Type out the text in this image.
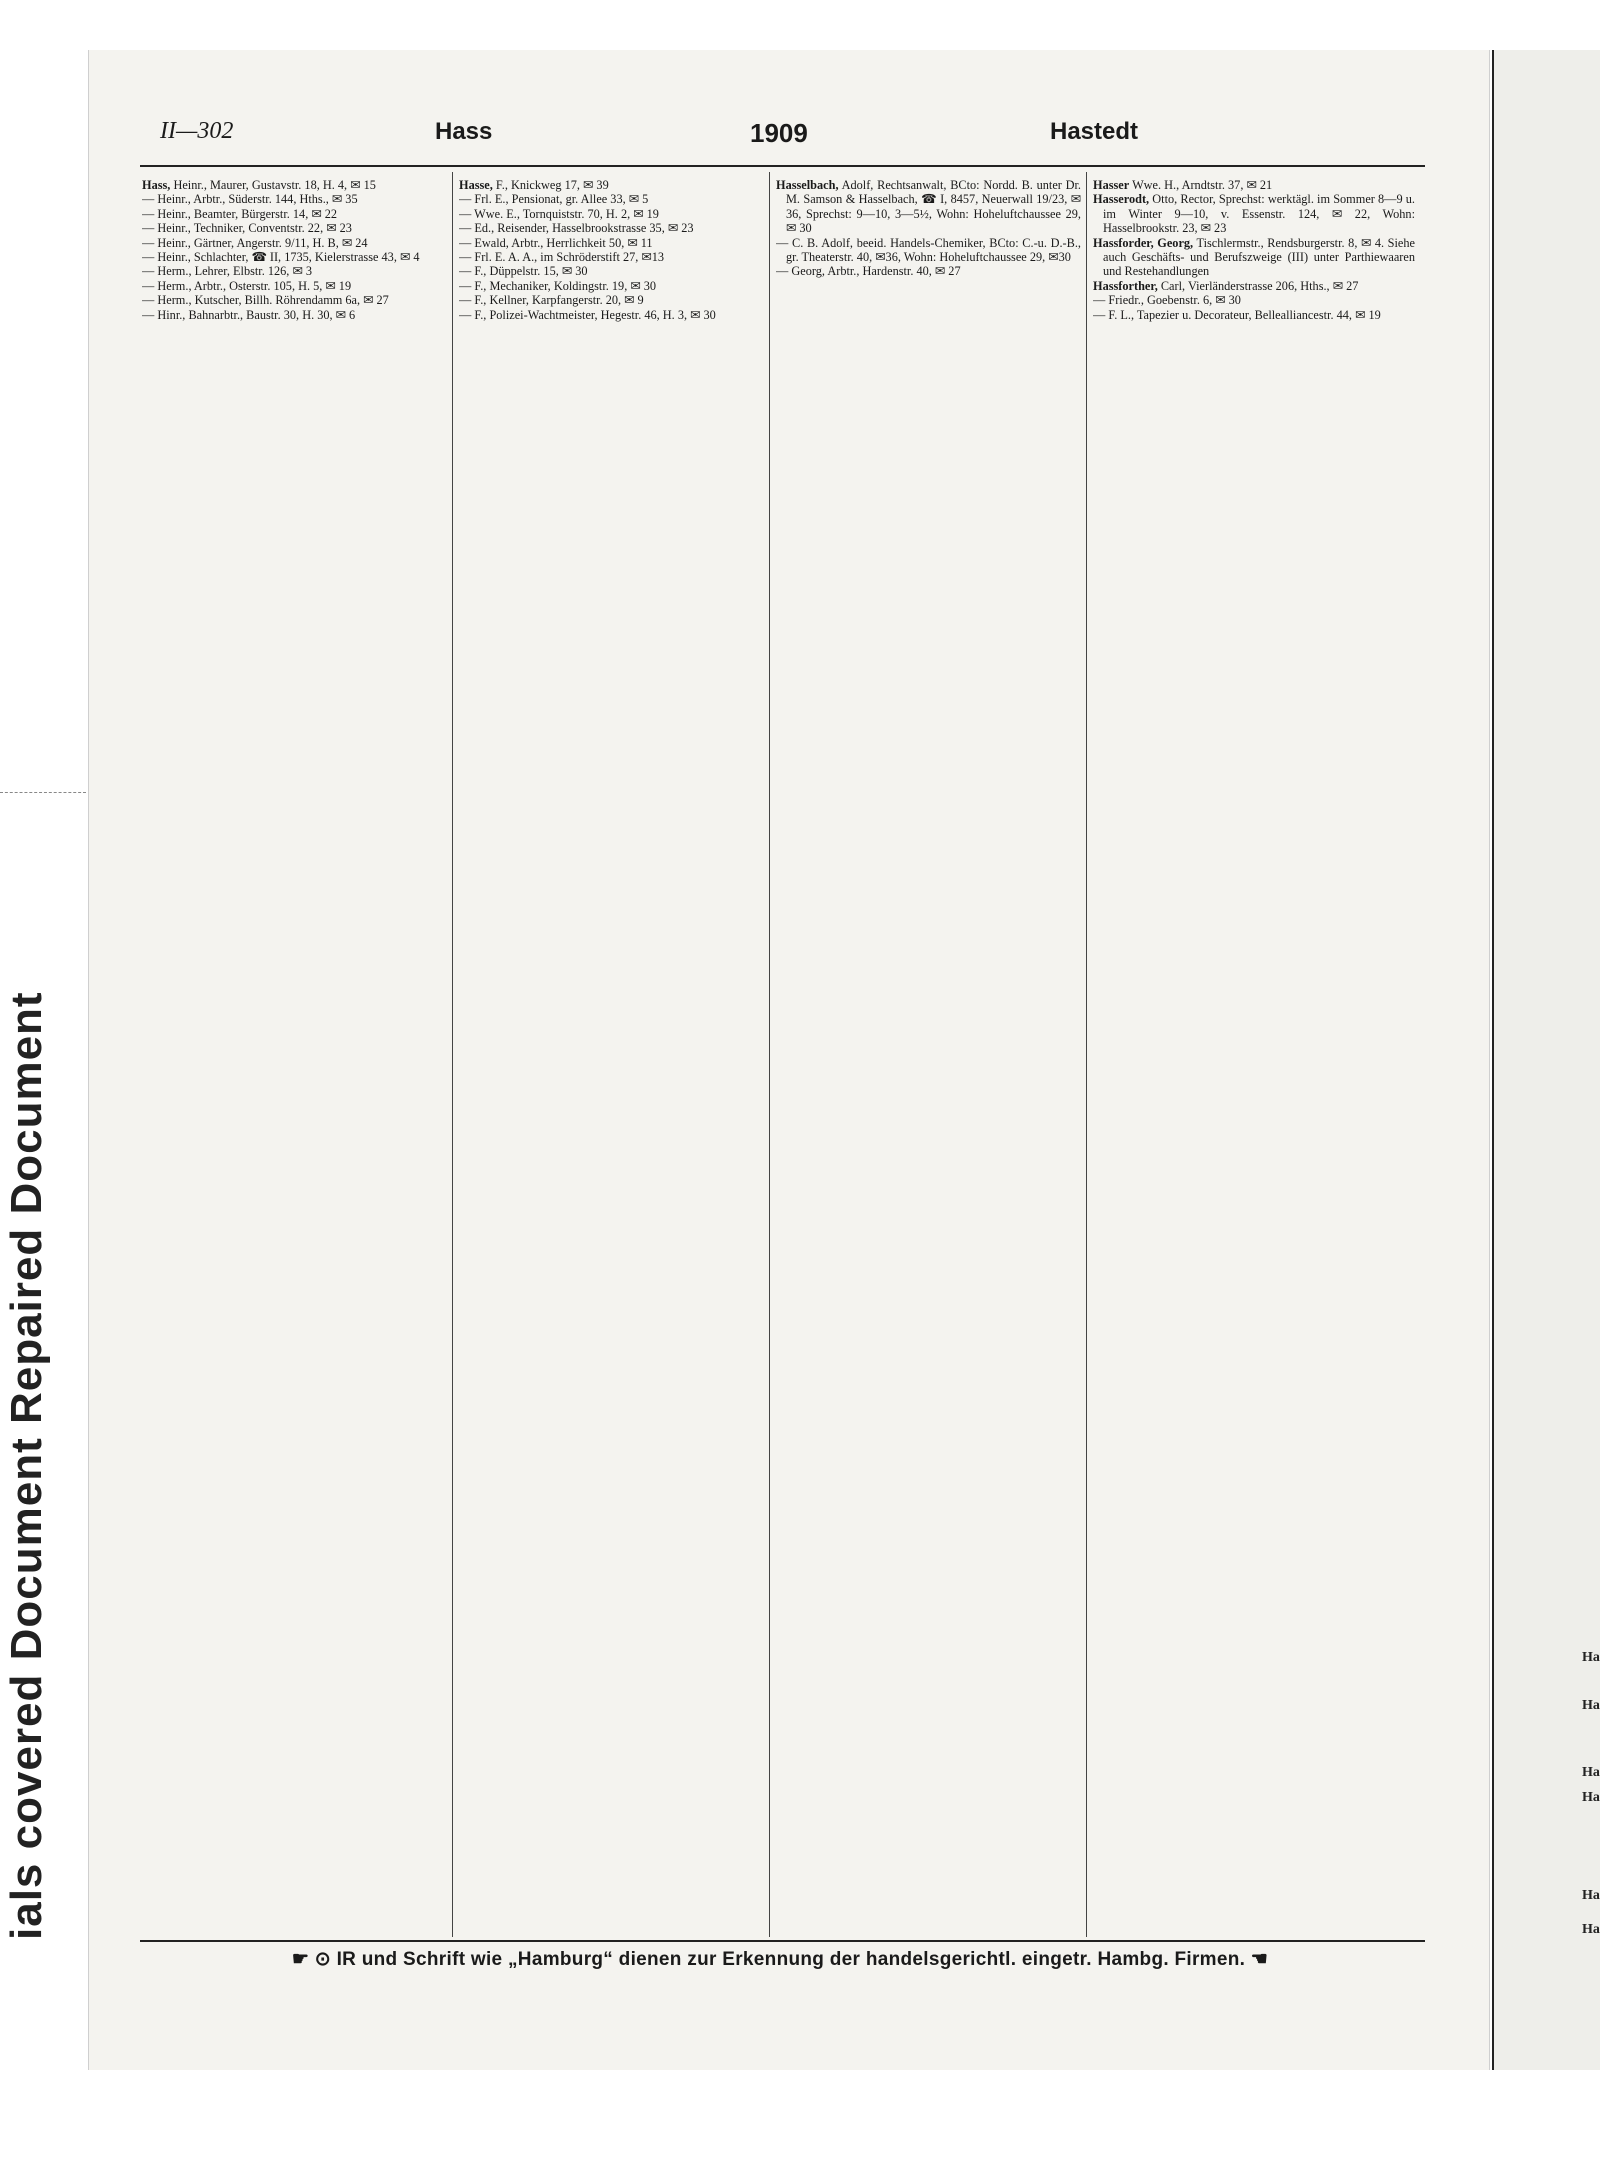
ials covered Document Repaired Document	Ha
Ha
Ha
Ha
Ha
Ha
II—302	Hass	1909	Hastedt

Hass, Heinr., Maurer, Gustavstr. 18, H. 4, ✉ 15

— Heinr., Arbtr., Süderstr. 144, Hths., ✉ 35

— Heinr., Beamter, Bürgerstr. 14, ✉ 22

— Heinr., Techniker, Conventstr. 22, ✉ 23

— Heinr., Gärtner, Angerstr. 9/11, H. B, ✉ 24

— Heinr., Schlachter, ☎ II, 1735, Kielerstrasse 43, ✉ 4

— Herm., Lehrer, Elbstr. 126, ✉ 3

— Herm., Arbtr., Osterstr. 105, H. 5, ✉ 19

— Herm., Kutscher, Billh. Röhrendamm 6a, ✉ 27

— Hinr., Bahnarbtr., Baustr. 30, H. 30, ✉ 6

Hasse, F., Knickweg 17, ✉ 39

— Frl. E., Pensionat, gr. Allee 33, ✉ 5

— Wwe. E., Tornquiststr. 70, H. 2, ✉ 19

— Ed., Reisender, Hasselbrookstrasse 35, ✉ 23

— Ewald, Arbtr., Herrlichkeit 50, ✉ 11

— Frl. E. A. A., im Schröderstift 27, ✉13

— F., Düppelstr. 15, ✉ 30

— F., Mechaniker, Koldingstr. 19, ✉ 30

— F., Kellner, Karpfangerstr. 20, ✉ 9

— F., Polizei-Wachtmeister, Hegestr. 46, H. 3, ✉ 30

Hasselbach, Adolf, Rechtsanwalt, BCto: Nordd. B. unter Dr. M. Samson & Hasselbach, ☎ I, 8457, Neuerwall 19/23, ✉ 36, Sprechst: 9—10, 3—5½, Wohn: Hoheluftchaussee 29, ✉ 30

— C. B. Adolf, beeid. Handels-Chemiker, BCto: C.-u. D.-B., gr. Theaterstr. 40, ✉36, Wohn: Hoheluftchaussee 29, ✉30

— Georg, Arbtr., Hardenstr. 40, ✉ 27

Hasser Wwe. H., Arndtstr. 37, ✉ 21

Hasserodt, Otto, Rector, Sprechst: werktägl. im Sommer 8—9 u. im Winter 9—10, v. Essenstr. 124, ✉ 22, Wohn: Hasselbrookstr. 23, ✉ 23

Hassforder, Georg, Tischlermstr., Rendsburgerstr. 8, ✉ 4. Siehe auch Geschäfts- und Berufszweige (III) unter Parthiewaaren und Restehandlungen

Hassforther, Carl, Vierländerstrasse 206, Hths., ✉ 27

— Friedr., Goebenstr. 6, ✉ 30

— F. L., Tapezier u. Decorateur, Bellealliancestr. 44, ✉ 19

☛ ⊙ IR und Schrift wie „Hamburg“ dienen zur Erkennung der handelsgerichtl. eingetr. Hambg. Firmen. ☚
